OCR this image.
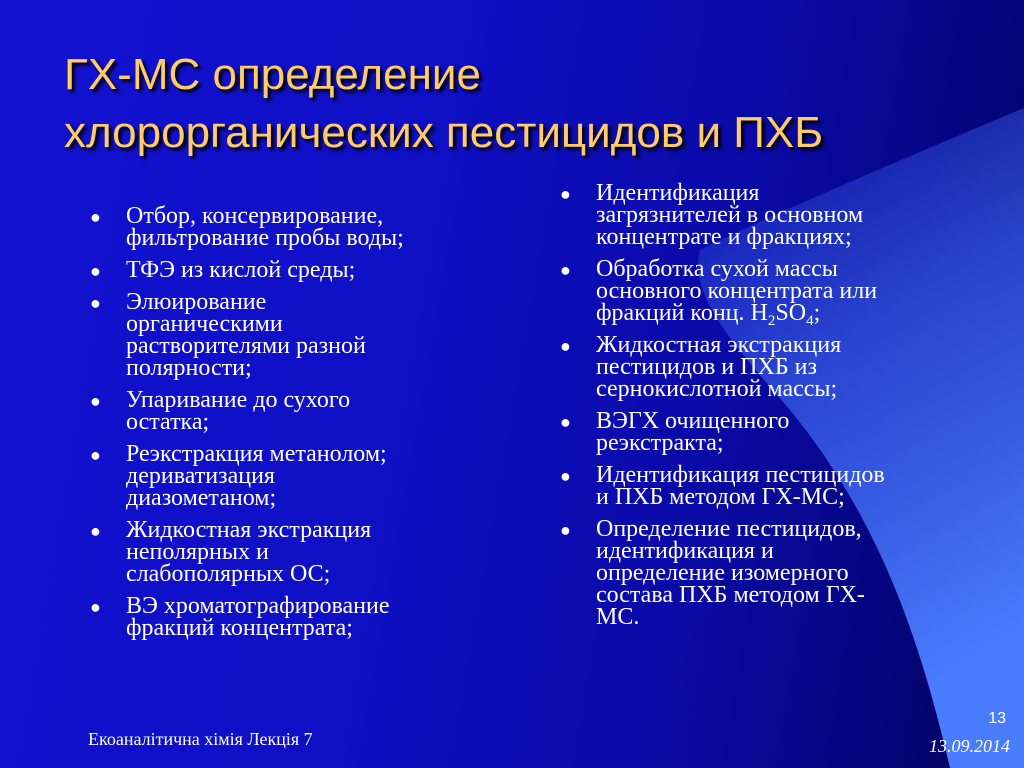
ГХ-МС определение
хлорорганических пестицидов и ПХБ
● Отбор, консервирование,
фильтрование пробы воды;
● ТФЭ из кислой среды;
● Элюирование
органическими
растворителями разной
полярности;
● Упаривание до сухого
остатка;
● Реэкстракция метанолом;
дериватизация
диазометаном;
● Жидкостная экстракция
неполярных и
слабополярных ОС;
● ВЭ хроматографирование
фракций концентрата;
● Идентификация
загрязнителей в основном
концентрате и фракциях;
● Обработка сухой массы
основного концентрата или
фракций конц. $H_2SO_4$;
● Жидкостная экстракция
пестицидов и ПХБ из
сернокислотной массы;
● ВЭГХ очищенного
реэкстракта;
● Идентификация пестицидов
и ПХБ методом ГХ-МС;
● Определение пестицидов,
идентификация и
определение изомерного
состава ПХБ методом ГХ-
МС.
Екоаналітична хімія Лекція 7
13
13.09.2014
